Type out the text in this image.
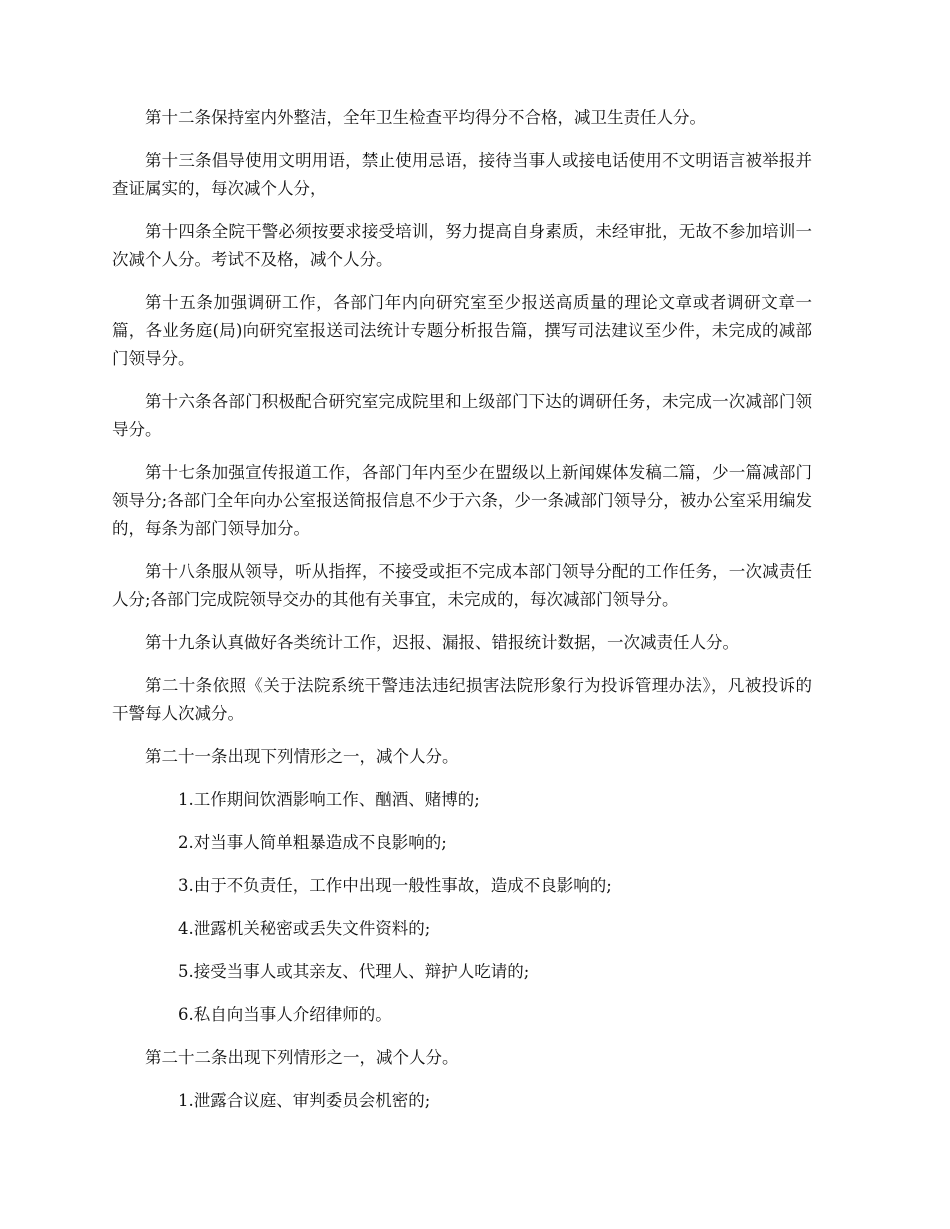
第十二条保持室内外整洁，全年卫生检查平均得分不合格，减卫生责任人分。

第十三条倡导使用文明用语，禁止使用忌语，接待当事人或接电话使用不文明语言被举报并查证属实的，每次减个人分，

第十四条全院干警必须按要求接受培训，努力提高自身素质，未经审批，无故不参加培训一次减个人分。考试不及格，减个人分。

第十五条加强调研工作，各部门年内向研究室至少报送高质量的理论文章或者调研文章一篇，各业务庭(局)向研究室报送司法统计专题分析报告篇，撰写司法建议至少件，未完成的减部门领导分。

第十六条各部门积极配合研究室完成院里和上级部门下达的调研任务，未完成一次减部门领导分。

第十七条加强宣传报道工作，各部门年内至少在盟级以上新闻媒体发稿二篇，少一篇减部门领导分;各部门全年向办公室报送简报信息不少于六条，少一条减部门领导分，被办公室采用编发的，每条为部门领导加分。

第十八条服从领导，听从指挥，不接受或拒不完成本部门领导分配的工作任务，一次减责任人分;各部门完成院领导交办的其他有关事宜，未完成的，每次减部门领导分。

第十九条认真做好各类统计工作，迟报、漏报、错报统计数据，一次减责任人分。

第二十条依照《关于法院系统干警违法违纪损害法院形象行为投诉管理办法》，凡被投诉的干警每人次减分。

第二十一条出现下列情形之一，减个人分。

1.工作期间饮酒影响工作、酗酒、赌博的;

2.对当事人简单粗暴造成不良影响的;

3.由于不负责任，工作中出现一般性事故，造成不良影响的;

4.泄露机关秘密或丢失文件资料的;

5.接受当事人或其亲友、代理人、辩护人吃请的;

6.私自向当事人介绍律师的。

第二十二条出现下列情形之一，减个人分。

1.泄露合议庭、审判委员会机密的;
